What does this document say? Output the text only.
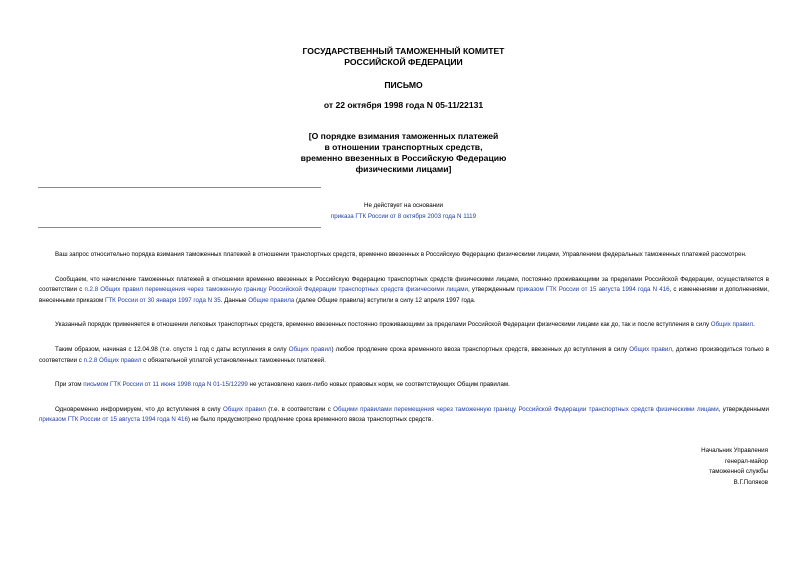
ГОСУДАРСТВЕННЫЙ ТАМОЖЕННЫЙ КОМИТЕТ
РОССИЙСКОЙ ФЕДЕРАЦИИ
ПИСЬМО
от 22 октября 1998 года N 05-11/22131
[О порядке взимания таможенных платежей
в отношении транспортных средств,
временно ввезенных в Российскую Федерацию
физическими лицами]
Не действует на основании
приказа ГТК России от 8 октября 2003 года N 1119

Ваш запрос относительно порядка взимания таможенных платежей в отношении транспортных средств, временно ввезенных в Российскую Федерацию физическими лицами, Управлением федеральных таможенных платежей рассмотрен.

Сообщаем, что начисление таможенных платежей в отношении временно ввезенных в Российскую Федерацию транспортных средств физическими лицами, постоянно проживающими за пределами Российской Федерации, осуществляется в соответствии с п.2.8 Общих правил перемещения через таможенную границу Российской Федерации транспортных средств физическими лицами, утвержденным приказом ГТК России от 15 августа 1994 года N 416, с изменениями и дополнениями, внесенными приказом ГТК России от 30 января 1997 года N 35. Данные Общие правила (далее Общие правила) вступили в силу 12 апреля 1997 года.

Указанный порядок применяется в отношении легковых транспортных средств, временно ввезенных постоянно проживающими за пределами Российской Федерации физическими лицами как до, так и после вступления в силу Общих правил.

Таким образом, начиная с 12.04.98 (т.е. спустя 1 год с даты вступления в силу Общих правил) любое продление срока временного ввоза транспортных средств, ввезенных до вступления в силу Общих правил, должно производиться только в соответствии с п.2.8 Общих правил с обязательной уплатой установленных таможенных платежей.

При этом письмом ГТК России от 11 июня 1998 года N 01-15/12299 не установлено каких-либо новых правовых норм, не соответствующих Общим правилам.

Одновременно информируем, что до вступления в силу Общих правил (т.е. в соответствии с Общими правилами перемещения через таможенную границу Российской Федерации транспортных средств физическими лицами, утвержденными приказом ГТК России от 15 августа 1994 года N 416) не было предусмотрено продление срока временного ввоза транспортных средств.

Начальник Управления
генерал-майор
таможенной службы
В.Г.Поляков
